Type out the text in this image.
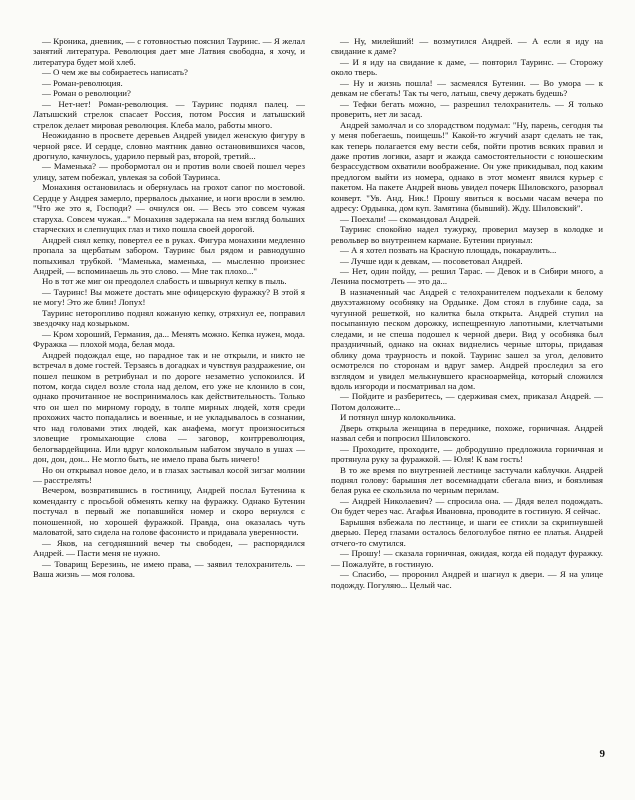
— Кроника, дневник, — с готовностью пояснил Тауринс. — Я желал занятий литература. Революция дает мне Латвия свободна, я хочу, и литература будет мой хлеб.

— О чем же вы собираетесь написать?

— Роман-революция.

— Роман о революции?

— Нет-нет! Роман-революция. — Тауринс поднял палец. — Латышский стрелок спасает Россия, потом Россия и латышский стрелок делает мировая революция. Клеба мало, работы много.

Неожиданно в просвете деревьев Андрей увидел женскую фигуру в черной рясе. И сердце, словно маятник давно остановившихся часов, дрогнуло, качнулось, ударило первый раз, второй, третий...

— Маменька? — пробормотал он и против воли своей пошел через улицу, затем побежал, увлекая за собой Тауринса.

Монахиня остановилась и обернулась на грохот сапог по мостовой. Сердце у Андрея замерло, прервалось дыхание, и ноги вросли в землю. "Что же это я, Господи? — очнулся он. — Весь это совсем чужая старуха. Совсем чужая..." Монахиня задержала на нем взгляд больших старческих и слепнущих глаз и тихо пошла своей дорогой.

Андрей снял кепку, повертел ее в руках. Фигура монахини медленно пропала за щербатым забором. Тауринс был рядом и равнодушно попыхивал трубкой. "Маменька, маменька, — мысленно произнес Андрей, — вспоминаешь ль это слово. — Мне так плохо..."

Но в тот же миг он преодолел слабость и швырнул кепку в пыль.

— Тауринс! Вы можете достать мне офицерскую фуражку? В этой я не могу! Это же блин! Лопух!

Тауринс неторопливо поднял кожаную кепку, отряхнул ее, поправил звездочку над козырьком.

— Кром хороший, Германия, да... Менять можно. Кепка нужен, мода. Фуражка — плохой мода, белая мода.

Андрей подождал еще, но парадное так и не открыли, и никто не встречал в доме гостей. Терзаясь в догадках и чувствуя раздражение, он пошел пешком в ретрибунал и по дороге незаметно успокоился. И потом, когда сидел возле стола над делом, его уже не клонило в сон, однако прочитанное не воспринималось как действительность. Только что он шел по мирному городу, в толпе мирных людей, хотя среди прохожих часто попадались и военные, и не укладывалось в сознании, что над головами этих людей, как анафема, могут произноситься зловещие громыхающие слова — заговор, контрреволюция, белогвардейщина. Или вдруг колокольным набатом звучало в ушах — дон, дон, дон... Не могло быть, не имело права быть ничего!

Но он открывал новое дело, и в глазах застывал косой зигзаг молнии — расстрелять!

Вечером, возвратившись в гостиницу, Андрей послал Бутенина к коменданту с просьбой обменять кепку на фуражку. Однако Бутенин постучал в первый же попавшийся номер и скоро вернулся с поношенной, но хорошей фуражкой. Правда, она оказалась чуть маловатой, зато сидела на голове фасонисто и придавала уверенности.

— Яков, на сегодняшний вечер ты свободен, — распорядился Андрей. — Пасти меня не нужно.

— Товарищ Березинь, не имею права, — заявил телохранитель. — Ваша жизнь — моя голова.

— Ну, милейший! — возмутился Андрей. — А если я иду на свидание к даме?

— И я иду на свидание к даме, — повторил Тауринс. — Сторожу около тверь.

— Ну и жизнь пошла! — засмеялся Бутенин. — Во умора — к девкам не сбегать! Так ты чего, латыш, свечу держать будешь?

— Тефки бегать можно, — разрешил телохранитель. — Я только проверить, нет ли засад.

Андрей замолчал и со злорадством подумал: "Ну, парень, сегодня ты у меня побегаешь, поищешь!" Какой-то жгучий азарт сделать не так, как теперь полагается ему вести себя, пойти против всяких правил и даже против логики, азарт и жажда самостоятельности с юношеским безрассудством охватили воображение. Он уже прикидывал, под каким предлогом выйти из номера, однако в этот момент явился курьер с пакетом. На пакете Андрей вновь увидел почерк Шиловского, разорвал конверт. "Ув. Анд. Ник.! Прошу явиться к восьми часам вечера по адресу: Ордынка, дом куп. Замятина (бывший). Жду. Шиловский".

— Поехали! — скомандовал Андрей.

Тауринс спокойно надел тужурку, проверил маузер в колодке и револьвер во внутреннем кармане. Бутенин приуныл:

— А я хотел позвать на Красную площадь, покараулить...

— Лучше иди к девкам, — посоветовал Андрей.

— Нет, один пойду, — решил Тарас. — Девок и в Сибири много, а Ленина посмотреть — это да...

В назначенный час Андрей с телохранителем подъехали к белому двухэтажному особняку на Ордынке. Дом стоял в глубине сада, за чугунной решеткой, но калитка была открыта. Андрей ступил на посыпанную песком дорожку, испещренную лапотными, клетчатыми следами, и не спеша подошел к черной двери. Вид у особняка был праздничный, однако на окнах виднелись черные шторы, придавая облику дома траурность и покой. Тауринс зашел за угол, деловито осмотрелся по сторонам и вдруг замер. Андрей проследил за его взглядом и увидел мелькнувшего красноармейца, который сложился вдоль изгороди и посматривал на дом.

— Пойдите и разберитесь, — сдерживая смех, приказал Андрей. — Потом доложите...

И потянул шнур колокольчика.

Дверь открыла женщина в переднике, похоже, горничная. Андрей назвал себя и попросил Шиловского.

— Проходите, проходите, — добродушно предложила горничная и протянула руку за фуражкой. — Юля! К вам гость!

В то же время по внутренней лестнице застучали каблучки. Андрей поднял голову: барышня лет восемнадцати сбегала вниз, и боязливая белая рука ее скользила по черным перилам.

— Андрей Николаевич? — спросила она. — Дядя велел подождать. Он будет через час. Агафья Ивановна, проводите в гостиную. Я сейчас.

Барышня взбежала по лестнице, и шаги ее стихли за скрипнувшей дверью. Перед глазами осталось белоголубое пятно ее платья. Андрей отчего-то смутился.

— Прошу! — сказала горничная, ожидая, когда ей подадут фуражку. — Пожалуйте, в гостиную.

— Спасибо, — проронил Андрей и шагнул к двери. — Я на улице подожду. Погуляю... Целый час.

9
